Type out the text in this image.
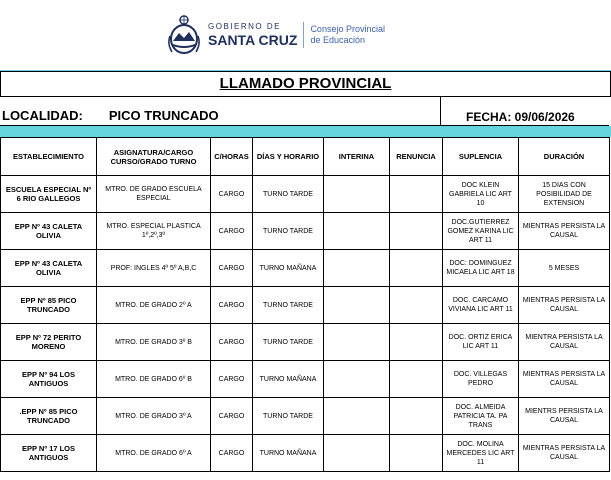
GOBIERNO DE
SANTA CRUZ
Consejo Provincial
de Educación
LLAMADO PROVINCIAL
LOCALIDAD: PICO TRUNCADO	FECHA: 09/06/2026
ESTABLECIMIENTO	ASIGNATURA/CARGO CURSO/GRADO TURNO	C/HORAS	DÍAS Y HORARIO	INTERINA	RENUNCIA	SUPLENCIA	DURACIÓN
ESCUELA ESPECIAL Nº 6 RIO GALLEGOS	MTRO. DE GRADO ESCUELA ESPECIAL	CARGO	TURNO TARDE			DOC KLEIN GABRIELA LIC ART 10	15 DIAS CON POSIBILIDAD DE EXTENSION
EPP Nº 43 CALETA OLIVIA	MTRO. ESPECIAL PLASTICA 1º,2º,3º	CARGO	TURNO TARDE			DOC.GUTIERREZ GOMEZ KARINA LIC ART 11	MIENTRAS PERSISTA LA CAUSAL
EPP Nº 43 CALETA OLIVIA	PROF: INGLES 4º 5º A,B,C	CARGO	TURNO MAÑANA			DOC: DOMINGUEZ MICAELA LIC ART 18	5 MESES
EPP Nº 85 PICO TRUNCADO	MTRO. DE GRADO 2º A	CARGO	TURNO TARDE			DOC. CARCAMO VIVIANA LIC ART 11	MIENTRAS PERSISTA LA CAUSAL
EPP Nº 72 PERITO MORENO	MTRO. DE GRADO 3º B	CARGO	TURNO TARDE			DOC. ORTIZ ERICA LIC ART 11	MIENTRA PERSISTA LA CAUSAL
EPP Nº 94 LOS ANTIGUOS	MTRO. DE GRADO 6º B	CARGO	TURNO MAÑANA			DOC. VILLEGAS PEDRO	MIENTRAS PERSISTA LA CAUSAL
.EPP Nº 85 PICO TRUNCADO	MTRO. DE GRADO 3º A	CARGO	TURNO TARDE			DOC. ALMEIDA PATRICIA TA. PA TRANS	MIENTRS PERSISTA LA CAUSAL
EPP Nº 17 LOS ANTIGUOS	MTRO. DE GRADO 6º A	CARGO	TURNO MAÑANA			DOC. MOLINA MERCEDES LIC ART 11	MIENTRAS PERSISTA LA CAUSAL
